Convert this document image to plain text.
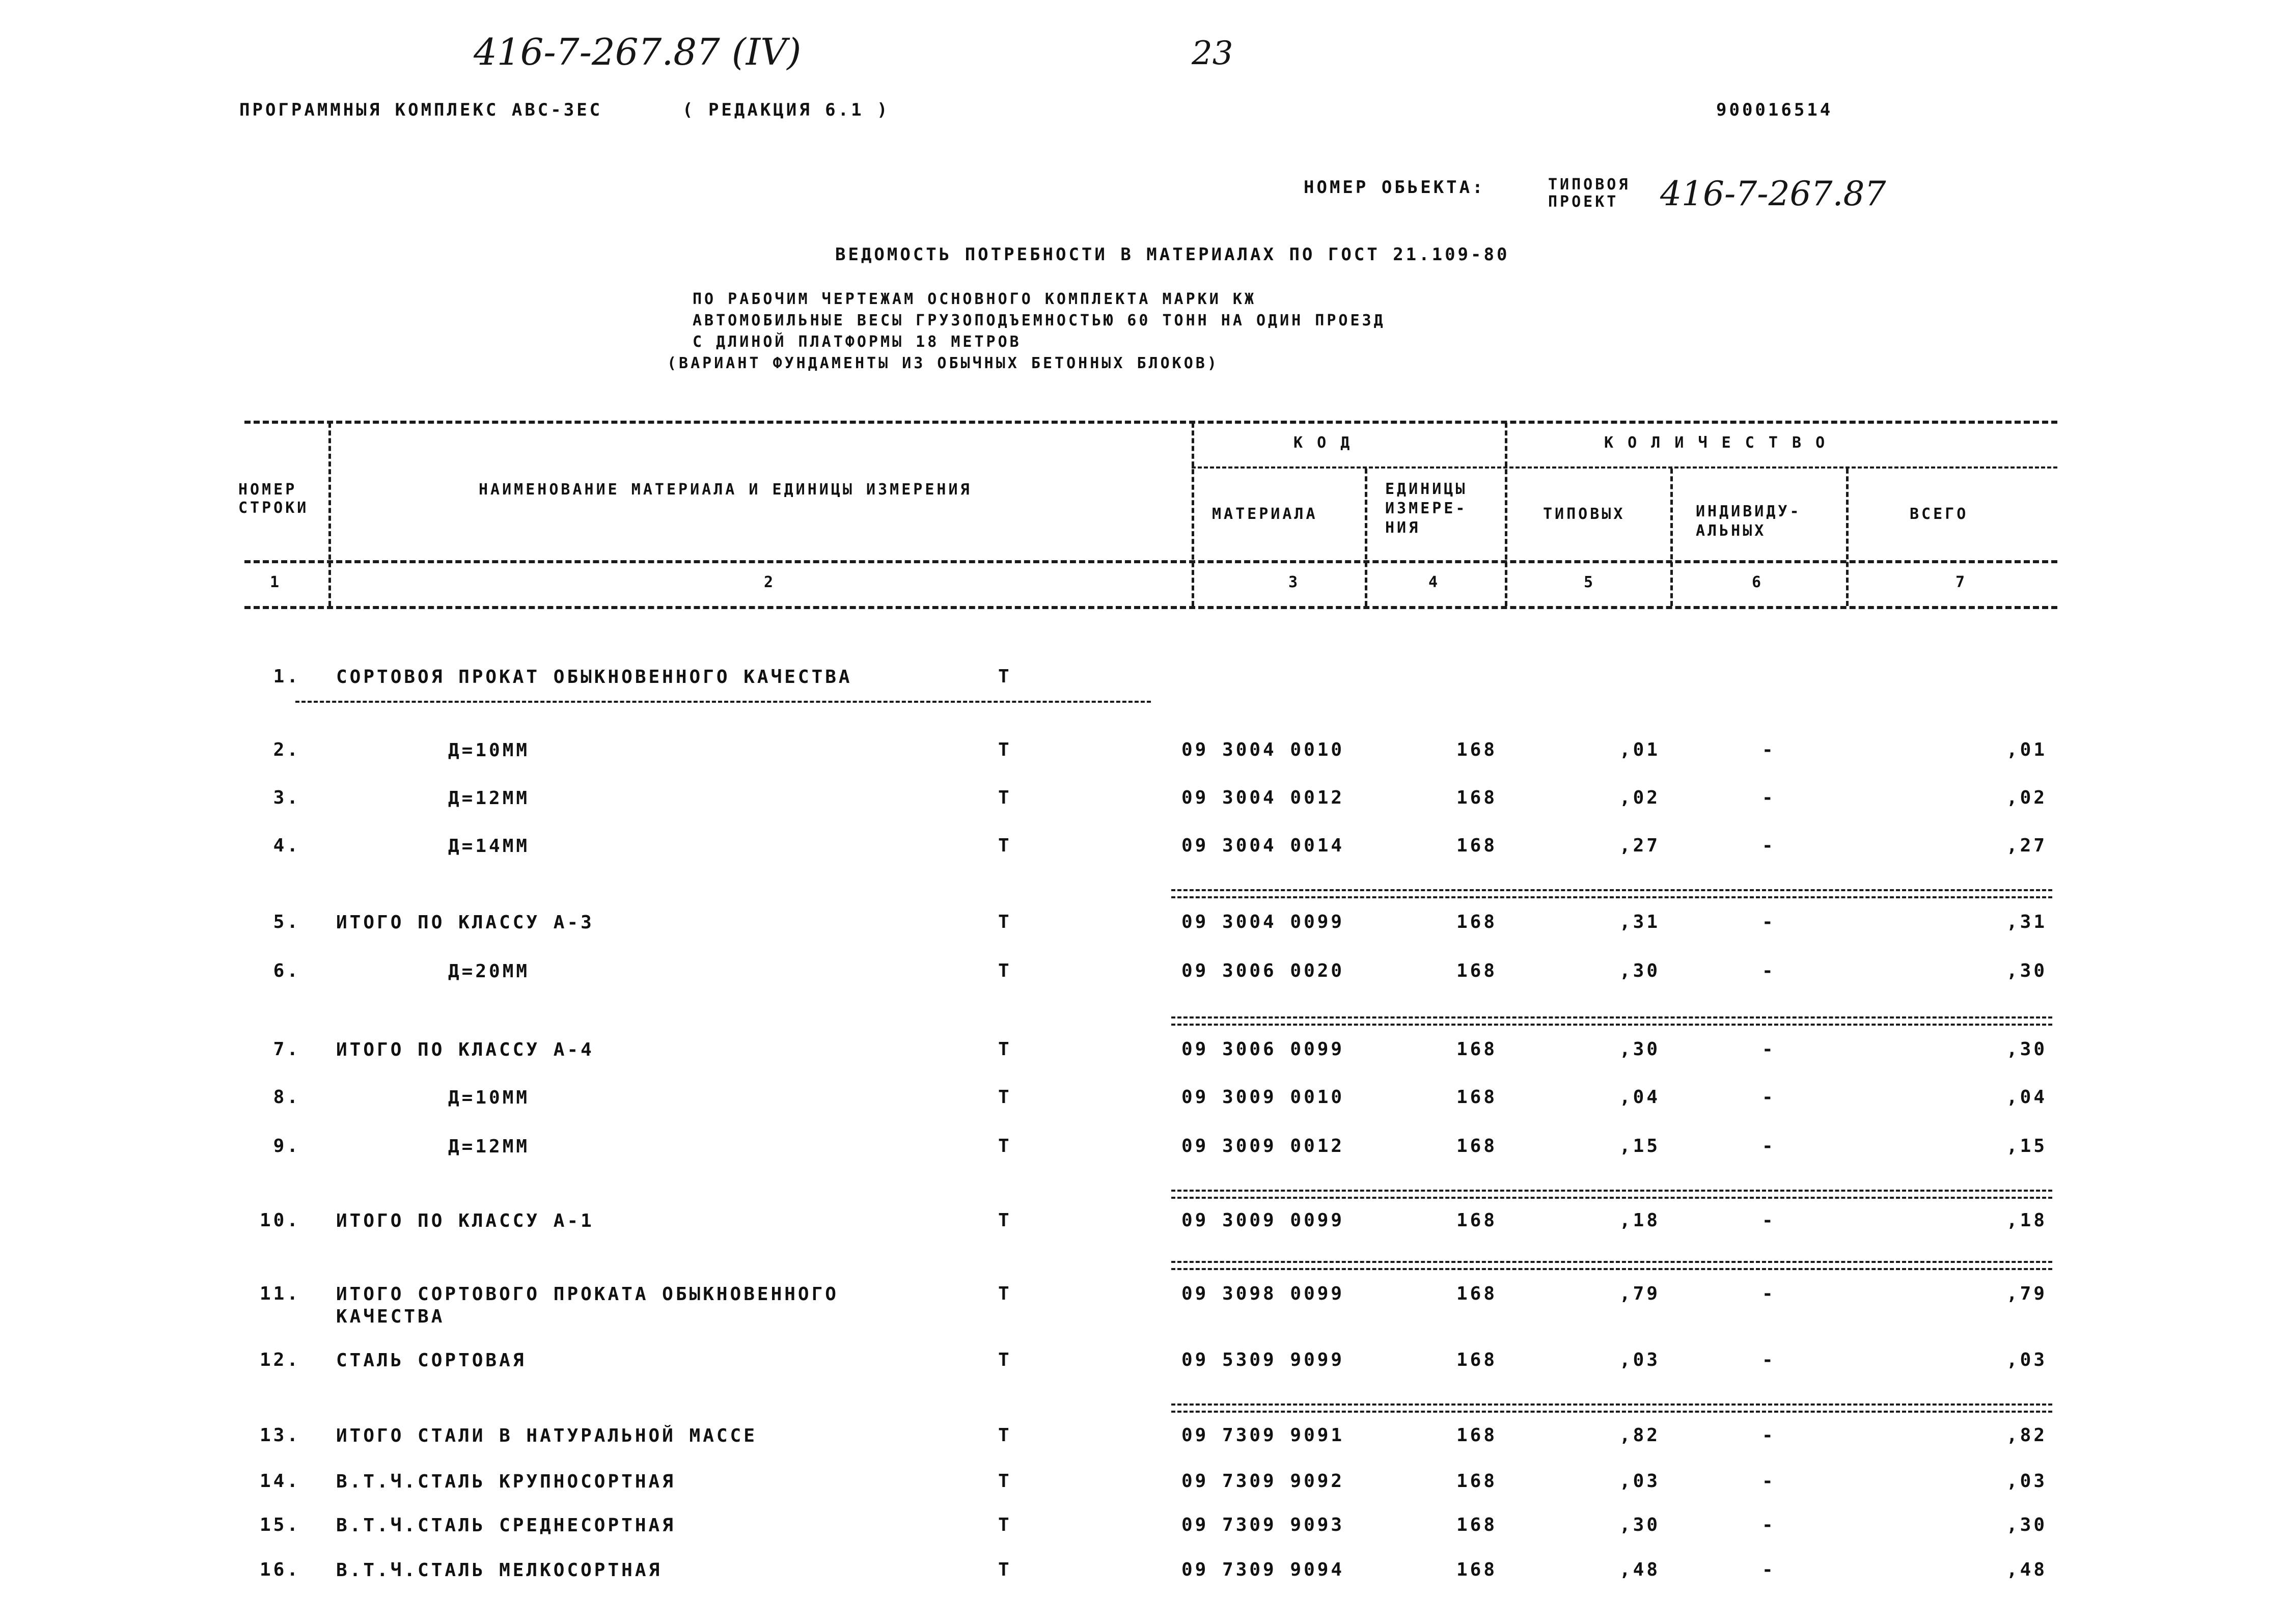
416-7-267.87 (IV)	23
416-7-267.87
ПРОГРАММНЫЯ КОМПЛЕКС АВС-ЗЕС	( РЕДАКЦИЯ 6.1 )	900016514
НОМЕР ОБЬЕКТА:	ТИПОВОЯ
ПРОЕКТ
ВЕДОМОСТЬ ПОТРЕБНОСТИ В МАТЕРИАЛАХ ПО ГОСТ 21.109-80
ПО РАБОЧИМ ЧЕРТЕЖАМ ОСНОВНОГО КОМПЛЕКТА МАРКИ КЖ
АВТОМОБИЛЬНЫЕ ВЕСЫ ГРУЗОПОДЪЕМНОСТЬЮ 60 ТОНН НА ОДИН ПРОЕЗД
С ДЛИНОЙ ПЛАТФОРМЫ 18 МЕТРОВ
(ВАРИАНТ ФУНДАМЕНТЫ ИЗ ОБЫЧНЫХ БЕТОННЫХ БЛОКОВ)
НОМЕР
СТРОКИ
НАИМЕНОВАНИЕ МАТЕРИАЛА И ЕДИНИЦЫ ИЗМЕРЕНИЯ
К О Д	К О Л И Ч Е С Т В О
МАТЕРИАЛА
ЕДИНИЦЫ
ИЗМЕРЕ-
НИЯ
ТИПОВЫХ	ИНДИВИДУ-
АЛЬНЫХ
ВСЕГО
1	2	3	4	5	6	7
1. СОРТОВОЯ ПРОКАТ ОБЫКНОВЕННОГО КАЧЕСТВА	Т
2.	Д=10ММ	Т	09 3004 0010	168	,01	-	,01
3.	Д=12ММ	Т	09 3004 0012	168	,02	-	,02
4.	Д=14ММ	Т	09 3004 0014	168	,27	-	,27
5. ИТОГО ПО КЛАССУ А-3	Т	09 3004 0099	168	,31	-	,31
6.	Д=20ММ	Т	09 3006 0020	168	,30	-	,30
7. ИТОГО ПО КЛАССУ А-4	Т	09 3006 0099	168	,30	-	,30
8.	Д=10ММ	Т	09 3009 0010	168	,04	-	,04
9.	Д=12ММ	Т	09 3009 0012	168	,15	-	,15
10. ИТОГО ПО КЛАССУ А-1	Т	09 3009 0099	168	,18	-	,18
11. ИТОГО СОРТОВОГО ПРОКАТА ОБЫКНОВЕННОГО
КАЧЕСТВА
Т	09 3098 0099	168	,79	-	,79
12. СТАЛЬ СОРТОВАЯ	Т	09 5309 9099	168	,03	-	,03
13. ИТОГО СТАЛИ В НАТУРАЛЬНОЙ МАССЕ	Т	09 7309 9091	168	,82	-	,82
14. В.Т.Ч.СТАЛЬ КРУПНОСОРТНАЯ	Т	09 7309 9092	168	,03	-	,03
15. В.Т.Ч.СТАЛЬ СРЕДНЕСОРТНАЯ	Т	09 7309 9093	168	,30	-	,30
16. В.Т.Ч.СТАЛЬ МЕЛКОСОРТНАЯ	Т	09 7309 9094	168	,48	-	,48
